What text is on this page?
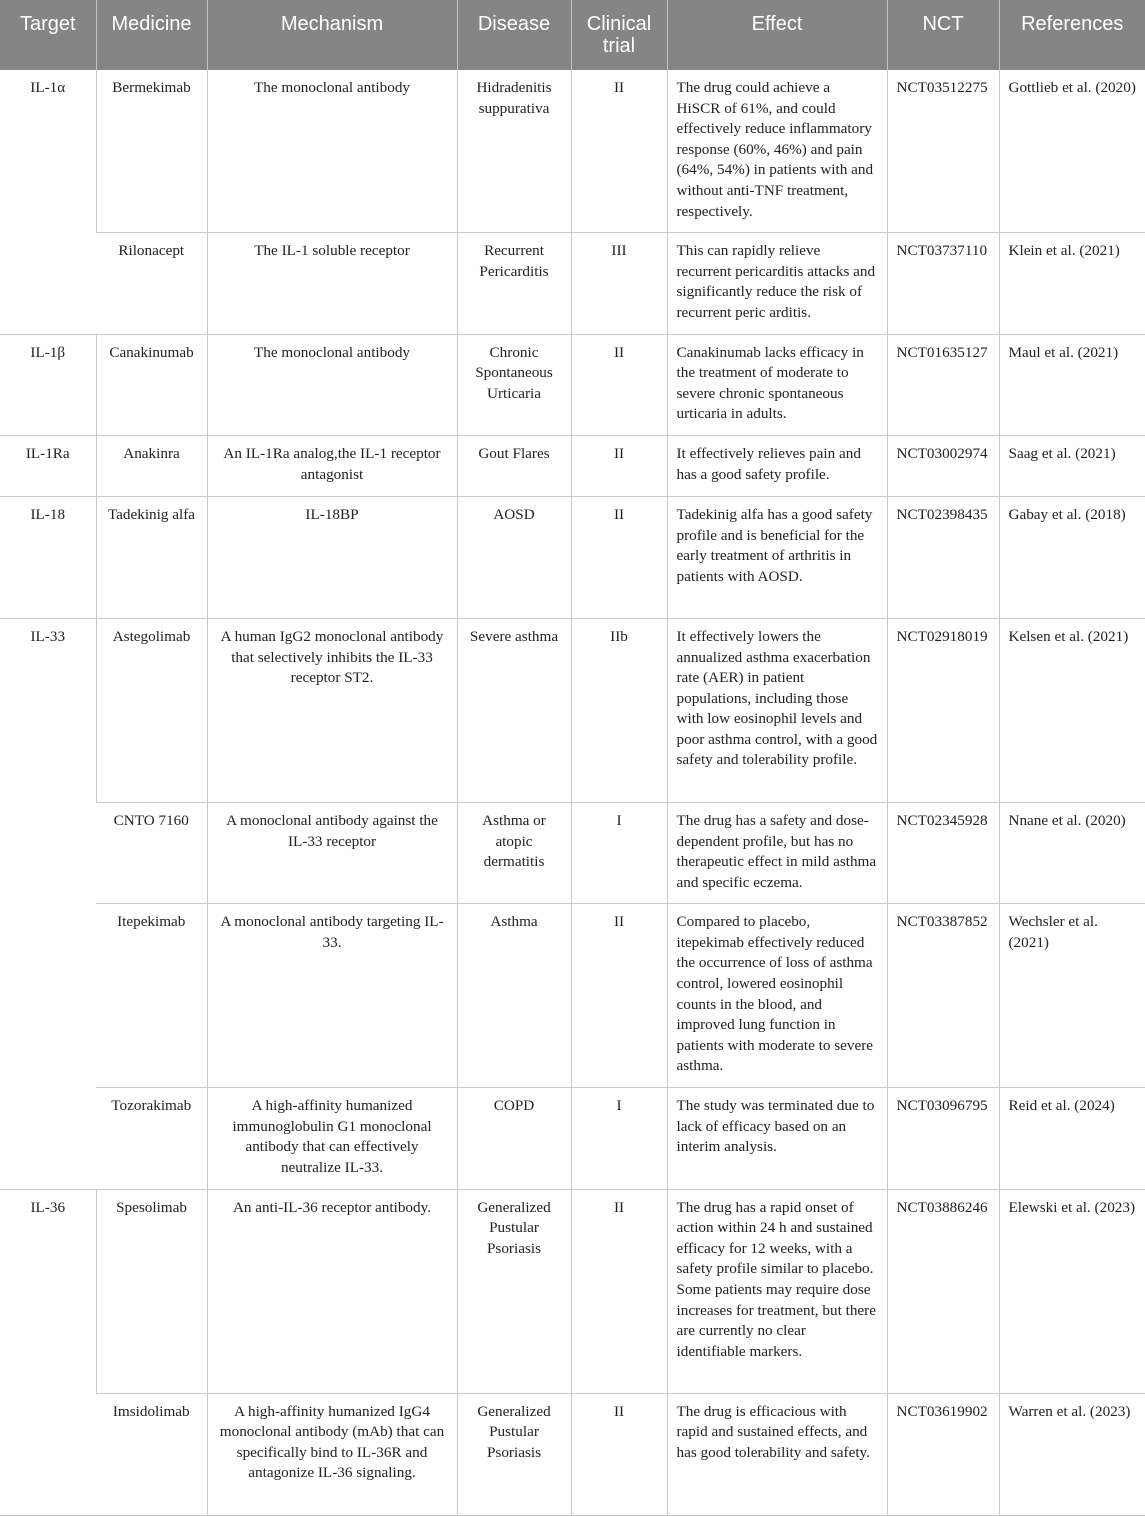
Target	Medicine	Mechanism	Disease	Clinical trial	Effect	NCT	References
IL-1α	Bermekimab	The monoclonal antibody	Hidradenitis suppurativa	II	The drug could achieve a HiSCR of 61%, and could effectively reduce inflammatory response (60%, 46%) and pain (64%, 54%) in patients with and without anti-TNF treatment, respectively.	NCT03512275	Gottlieb et al. (2020)
	Rilonacept	The IL-1 soluble receptor	Recurrent Pericarditis	III	This can rapidly relieve recurrent pericarditis attacks and significantly reduce the risk of recurrent peric arditis.	NCT03737110	Klein et al. (2021)
IL-1β	Canakinumab	The monoclonal antibody	Chronic Spontaneous Urticaria	II	Canakinumab lacks efficacy in the treatment of moderate to severe chronic spontaneous urticaria in adults.	NCT01635127	Maul et al. (2021)
IL-1Ra	Anakinra	An IL-1Ra analog,the IL-1 receptor antagonist	Gout Flares	II	It effectively relieves pain and has a good safety profile.	NCT03002974	Saag et al. (2021)
IL-18	Tadekinig alfa	IL-18BP	AOSD	II	Tadekinig alfa has a good safety profile and is beneficial for the early treatment of arthritis in patients with AOSD.	NCT02398435	Gabay et al. (2018)
IL-33	Astegolimab	A human IgG2 monoclonal antibody that selectively inhibits the IL-33 receptor ST2.	Severe asthma	IIb	It effectively lowers the annualized asthma exacerbation rate (AER) in patient populations, including those with low eosinophil levels and poor asthma control, with a good safety and tolerability profile.	NCT02918019	Kelsen et al. (2021)
	CNTO 7160	A monoclonal antibody against the IL-33 receptor	Asthma or atopic dermatitis	I	The drug has a safety and dose-dependent profile, but has no therapeutic effect in mild asthma and specific eczema.	NCT02345928	Nnane et al. (2020)
	Itepekimab	A monoclonal antibody targeting IL-33.	Asthma	II	Compared to placebo, itepekimab effectively reduced the occurrence of loss of asthma control, lowered eosinophil counts in the blood, and improved lung function in patients with moderate to severe asthma.	NCT03387852	Wechsler et al. (2021)
	Tozorakimab	A high-affinity humanized immunoglobulin G1 monoclonal antibody that can effectively neutralize IL-33.	COPD	I	The study was terminated due to lack of efficacy based on an interim analysis.	NCT03096795	Reid et al. (2024)
IL-36	Spesolimab	An anti-IL-36 receptor antibody.	Generalized Pustular Psoriasis	II	The drug has a rapid onset of action within 24 h and sustained efficacy for 12 weeks, with a safety profile similar to placebo. Some patients may require dose increases for treatment, but there are currently no clear identifiable markers.	NCT03886246	Elewski et al. (2023)
	Imsidolimab	A high-affinity humanized IgG4 monoclonal antibody (mAb) that can specifically bind to IL-36R and antagonize IL-36 signaling.	Generalized Pustular Psoriasis	II	The drug is efficacious with rapid and sustained effects, and has good tolerability and safety.	NCT03619902	Warren et al. (2023)
